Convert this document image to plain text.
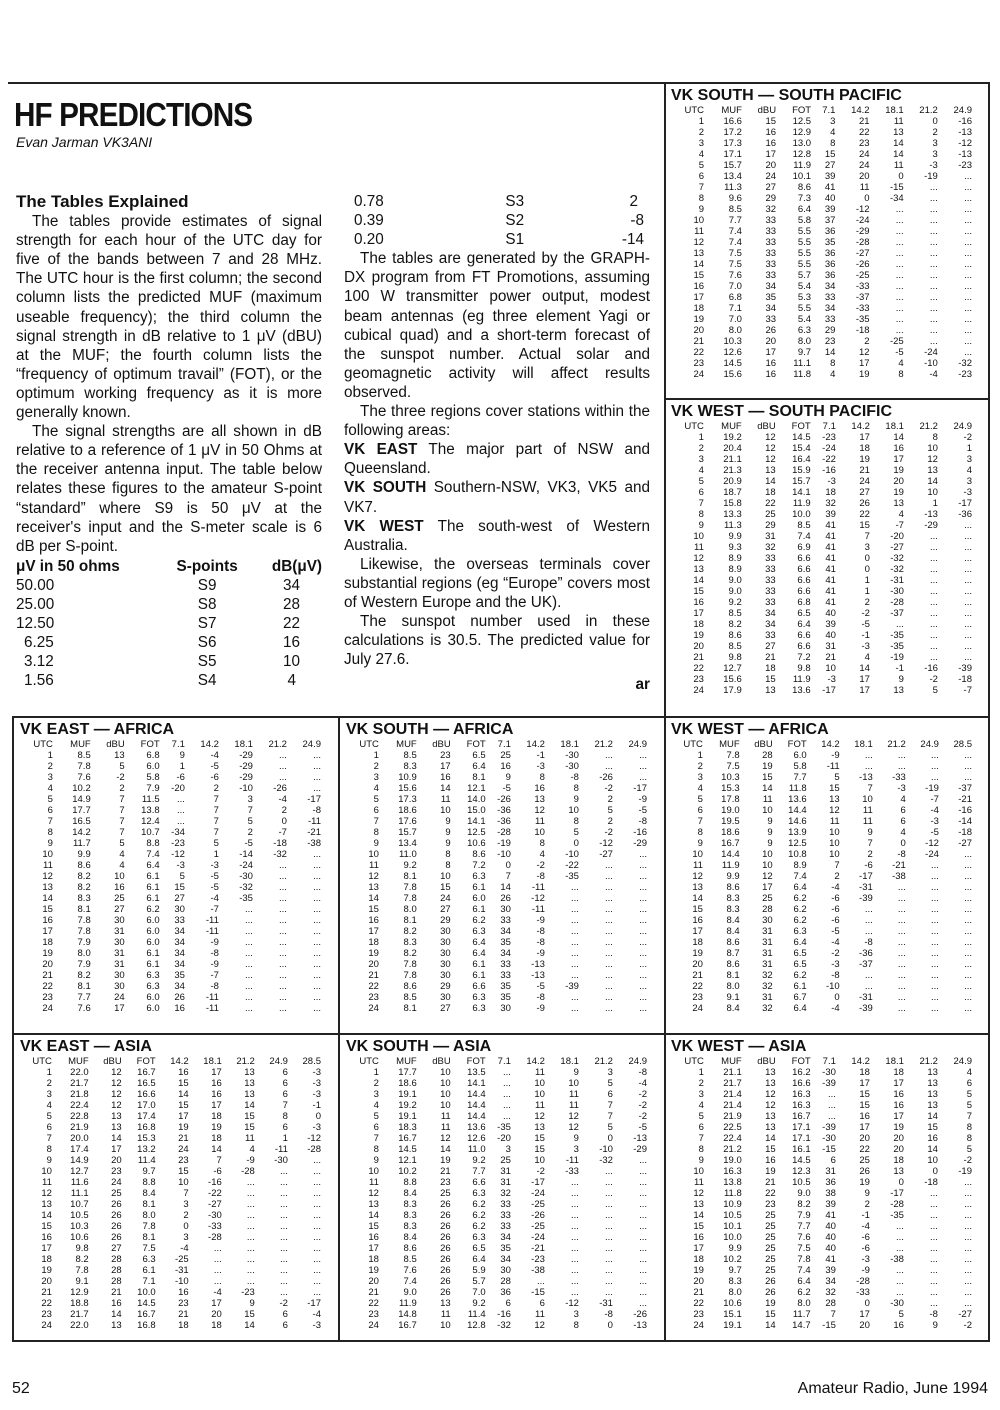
HF PREDICTIONS
Evan Jarman VK3ANI
The Tables Explained

The tables provide estimates of signal strength for each hour of the UTC day for five of the bands between 7 and 28 MHz. The UTC hour is the first column; the second column lists the predicted MUF (maximum useable frequency); the third column the signal strength in dB relative to 1 μV (dBU) at the MUF; the fourth column lists the “frequency of optimum travail” (FOT), or the optimum working frequency as it is more generally known.

The signal strengths are all shown in dB relative to a reference of 1 μV in 50 Ohms at the receiver antenna input. The table below relates these figures to the amateur S-point “standard” where S9 is 50 μV at the receiver's input and the S-meter scale is 6 dB per S-point.

μV in 50 ohms	S-points	dB(μV)
50.00	S9	34
25.00	S8	28
12.50	S7	22
6.25	S6	16
3.12	S5	10
1.56	S4	4
0.78	S3	2
0.39	S2	-8
0.20	S1	-14

The tables are generated by the GRAPH-DX program from FT Promotions, assuming 100 W transmitter power output, modest beam antennas (eg three element Yagi or cubical quad) and a short-term forecast of the sunspot number. Actual solar and geomagnetic activity will affect results observed.

The three regions cover stations within the following areas:

VK EAST The major part of NSW and Queensland.

VK SOUTH Southern-NSW, VK3, VK5 and VK7.

VK WEST The south-west of Western Australia.

Likewise, the overseas terminals cover substantial regions (eg “Europe” covers most of Western Europe and the UK).

The sunspot number used in these calculations is 30.5. The predicted value for July 27.6.

ar
VK SOUTH — SOUTH PACIFIC
UTC	MUF	dBU	FOT	7.1	14.2	18.1	21.2	24.9
1	16.6	15	12.5	3	21	11	0	-16
2	17.2	16	12.9	4	22	13	2	-13
3	17.3	16	13.0	8	23	14	3	-12
4	17.1	17	12.8	15	24	14	3	-13
5	15.7	20	11.9	27	24	11	-3	-23
6	13.4	24	10.1	39	20	0	-19	...
7	11.3	27	8.6	41	11	-15	...	...
8	9.6	29	7.3	40	0	-34	...	...
9	8.5	32	6.4	39	-12	...	...	...
10	7.7	33	5.8	37	-24	...	...	...
11	7.4	33	5.5	36	-29	...	...	...
12	7.4	33	5.5	35	-28	...	...	...
13	7.5	33	5.5	36	-27	...	...	...
14	7.5	33	5.5	36	-26	...	...	...
15	7.6	33	5.7	36	-25	...	...	...
16	7.0	34	5.4	34	-33	...	...	...
17	6.8	35	5.3	33	-37	...	...	...
18	7.1	34	5.5	34	-33	...	...	...
19	7.0	33	5.4	33	-35	...	...	...
20	8.0	26	6.3	29	-18	...	...	...
21	10.3	20	8.0	23	2	-25	...	...
22	12.6	17	9.7	14	12	-5	-24	...
23	14.5	16	11.1	8	17	4	-10	-32
24	15.6	16	11.8	4	19	8	-4	-23
VK WEST — SOUTH PACIFIC
UTC	MUF	dBU	FOT	7.1	14.2	18.1	21.2	24.9
1	19.2	12	14.5	-23	17	14	8	-2
2	20.4	12	15.4	-24	18	16	10	1
3	21.1	12	16.4	-22	19	17	12	3
4	21.3	13	15.9	-16	21	19	13	4
5	20.9	14	15.7	-3	24	20	14	3
6	18.7	18	14.1	18	27	19	10	-3
7	15.8	22	11.9	32	26	13	1	-17
8	13.3	25	10.0	39	22	4	-13	-36
9	11.3	29	8.5	41	15	-7	-29	...
10	9.9	31	7.4	41	7	-20	...	...
11	9.3	32	6.9	41	3	-27	...	...
12	8.9	33	6.6	41	0	-32	...	...
13	8.9	33	6.6	41	0	-32	...	...
14	9.0	33	6.6	41	1	-31	...	...
15	9.0	33	6.6	41	1	-30	...	...
16	9.2	33	6.8	41	2	-28	...	...
17	8.5	34	6.5	40	-2	-37	...	...
18	8.2	34	6.4	39	-5	...	...	...
19	8.6	33	6.6	40	-1	-35	...	...
20	8.5	27	6.6	31	-3	-35	...	...
21	9.8	21	7.2	21	4	-19	...	...
22	12.7	18	9.8	10	14	-1	-16	-39
23	15.6	15	11.9	-3	17	9	-2	-18
24	17.9	13	13.6	-17	17	13	5	-7
VK EAST — AFRICA
UTC	MUF	dBU	FOT	7.1	14.2	18.1	21.2	24.9
1	8.5	13	6.8	9	-4	-29	...	...
2	7.8	5	6.0	1	-5	-29	...	...
3	7.6	-2	5.8	-6	-6	-29	...	...
4	10.2	2	7.9	-20	2	-10	-26	...
5	14.9	7	11.5	...	7	3	-4	-17
6	17.7	7	13.8	...	7	7	2	-8
7	16.5	7	12.4	...	7	5	0	-11
8	14.2	7	10.7	-34	7	2	-7	-21
9	11.7	5	8.8	-23	5	-5	-18	-38
10	9.9	4	7.4	-12	1	-14	-32	...
11	8.6	4	6.4	-3	-3	-24	...	...
12	8.2	10	6.1	5	-5	-30	...	...
13	8.2	16	6.1	15	-5	-32	...	...
14	8.3	25	6.1	27	-4	-35	...	...
15	8.1	27	6.2	30	-7	...	...	...
16	7.8	30	6.0	33	-11	...	...	...
17	7.8	31	6.0	34	-11	...	...	...
18	7.9	30	6.0	34	-9	...	...	...
19	8.0	31	6.1	34	-8	...	...	...
20	7.9	31	6.1	34	-9	...	...	...
21	8.2	30	6.3	35	-7	...	...	...
22	8.1	30	6.3	34	-8	...	...	...
23	7.7	24	6.0	26	-11	...	...	...
24	7.6	17	6.0	16	-11	...	...	...
VK SOUTH — AFRICA
UTC	MUF	dBU	FOT	7.1	14.2	18.1	21.2	24.9
1	8.5	23	6.5	25	-1	-30	...	...
2	8.3	17	6.4	16	-3	-30	...	...
3	10.9	16	8.1	9	8	-8	-26	...
4	15.6	14	12.1	-5	16	8	-2	-17
5	17.3	11	14.0	-26	13	9	2	-9
6	18.6	10	15.0	-36	12	10	5	-5
7	17.6	9	14.1	-36	11	8	2	-8
8	15.7	9	12.5	-28	10	5	-2	-16
9	13.4	9	10.6	-19	8	0	-12	-29
10	11.0	8	8.6	-10	4	-10	-27	...
11	9.2	8	7.2	0	-2	-22	...	...
12	8.1	10	6.3	7	-8	-35	...	...
13	7.8	15	6.1	14	-11	...	...	...
14	7.8	24	6.0	26	-12	...	...	...
15	8.0	27	6.1	30	-11	...	...	...
16	8.1	29	6.2	33	-9	...	...	...
17	8.2	30	6.3	34	-8	...	...	...
18	8.3	30	6.4	35	-8	...	...	...
19	8.2	30	6.4	34	-9	...	...	...
20	7.8	30	6.1	33	-13	...	...	...
21	7.8	30	6.1	33	-13	...	...	...
22	8.6	29	6.6	35	-5	-39	...	...
23	8.5	30	6.3	35	-8	...	...	...
24	8.1	27	6.3	30	-9	...	...	...
VK WEST — AFRICA
UTC	MUF	dBU	FOT	14.2	18.1	21.2	24.9	28.5
1	7.8	28	6.0	-9	...	...	...	...
2	7.5	19	5.8	-11	...	...	...	...
3	10.3	15	7.7	5	-13	-33	...	...
4	15.3	14	11.8	15	7	-3	-19	-37
5	17.8	11	13.6	13	10	4	-7	-21
6	19.0	10	14.4	12	11	6	-4	-16
7	19.5	9	14.6	11	11	6	-3	-14
8	18.6	9	13.9	10	9	4	-5	-18
9	16.7	9	12.5	10	7	0	-12	-27
10	14.4	10	10.8	10	2	-8	-24	...
11	11.9	10	8.9	7	-6	-21	...	...
12	9.9	12	7.4	2	-17	-38	...	...
13	8.6	17	6.4	-4	-31	...	...	...
14	8.3	25	6.2	-6	-39	...	...	...
15	8.3	28	6.2	-6	...	...	...	...
16	8.4	30	6.2	-6	...	...	...	...
17	8.4	31	6.3	-5	...	...	...	...
18	8.6	31	6.4	-4	-8	...	...	...
19	8.7	31	6.5	-2	-36	...	...	...
20	8.6	31	6.5	-3	-37	...	...	...
21	8.1	32	6.2	-8	...	...	...	...
22	8.0	32	6.1	-10	...	...	...	...
23	9.1	31	6.7	0	-31	...	...	...
24	8.4	32	6.4	-4	-39	...	...	...
VK EAST — ASIA
UTC	MUF	dBU	FOT	14.2	18.1	21.2	24.9	28.5
1	22.0	12	16.7	16	17	13	6	-3
2	21.7	12	16.5	15	16	13	6	-3
3	21.8	12	16.6	14	16	13	6	-3
4	22.4	12	17.0	15	17	14	7	-1
5	22.8	13	17.4	17	18	15	8	0
6	21.9	13	16.8	19	19	15	6	-3
7	20.0	14	15.3	21	18	11	1	-12
8	17.4	17	13.2	24	14	4	-11	-28
9	14.9	20	11.4	23	7	-9	-30	...
10	12.7	23	9.7	15	-6	-28	...	...
11	11.6	24	8.8	10	-16	...	...	...
12	11.1	25	8.4	7	-22	...	...	...
13	10.7	26	8.1	3	-27	...	...	...
14	10.5	26	8.0	2	-30	...	...	...
15	10.3	26	7.8	0	-33	...	...	...
16	10.6	26	8.1	3	-28	...	...	...
17	9.8	27	7.5	-4	...	...	...	...
18	8.2	28	6.3	-25	...	...	...	...
19	7.8	28	6.1	-31	...	...	...	...
20	9.1	28	7.1	-10	...	...	...	...
21	12.9	21	10.0	16	-4	-23	...	...
22	18.8	16	14.5	23	17	9	-2	-17
23	21.7	14	16.7	21	20	15	6	-4
24	22.0	13	16.8	18	18	14	6	-3
VK SOUTH — ASIA
UTC	MUF	dBU	FOT	7.1	14.2	18.1	21.2	24.9
1	17.7	10	13.5	...	11	9	3	-8
2	18.6	10	14.1	...	10	10	5	-4
3	19.1	10	14.4	...	10	11	6	-2
4	19.2	10	14.4	...	11	11	7	-2
5	19.1	11	14.4	...	12	12	7	-2
6	18.3	11	13.6	-35	13	12	5	-5
7	16.7	12	12.6	-20	15	9	0	-13
8	14.5	14	11.0	3	15	3	-10	-29
9	12.1	19	9.2	25	10	-11	-32	...
10	10.2	21	7.7	31	-2	-33	...	...
11	8.8	23	6.6	31	-17	...	...	...
12	8.4	25	6.3	32	-24	...	...	...
13	8.3	26	6.2	33	-25	...	...	...
14	8.3	26	6.2	33	-26	...	...	...
15	8.3	26	6.2	33	-25	...	...	...
16	8.4	26	6.3	34	-24	...	...	...
17	8.6	26	6.5	35	-21	...	...	...
18	8.5	26	6.4	34	-23	...	...	...
19	7.6	26	5.9	30	-38	...	...	...
20	7.4	26	5.7	28	...	...	...	...
21	9.0	26	7.0	36	-15	...	...	...
22	11.9	13	9.2	6	6	-12	-31	...
23	14.8	11	11.4	-16	11	3	-8	-26
24	16.7	10	12.8	-32	12	8	0	-13
VK WEST — ASIA
UTC	MUF	dBU	FOT	7.1	14.2	18.1	21.2	24.9
1	21.1	13	16.2	-30	18	18	13	4
2	21.7	13	16.6	-39	17	17	13	6
3	21.4	12	16.3	...	15	16	13	5
4	21.4	12	16.3	...	15	16	13	5
5	21.9	13	16.7	...	16	17	14	7
6	22.5	13	17.1	-39	17	19	15	8
7	22.4	14	17.1	-30	20	20	16	8
8	21.2	15	16.1	-15	22	20	14	5
9	19.0	16	14.5	6	25	18	10	-2
10	16.3	19	12.3	31	26	13	0	-19
11	13.8	21	10.5	36	19	0	-18	...
12	11.8	22	9.0	38	9	-17	...	...
13	10.9	23	8.2	39	2	-28	...	...
14	10.5	25	7.9	41	-1	-35	...	...
15	10.1	25	7.7	40	-4	...	...	...
16	10.0	25	7.6	40	-6	...	...	...
17	9.9	25	7.5	40	-6	...	...	...
18	10.2	25	7.8	41	-3	-38	...	...
19	9.7	25	7.4	39	-9	...	...	...
20	8.3	26	6.4	34	-28	...	...	...
21	8.0	26	6.2	32	-33	...	...	...
22	10.6	19	8.0	28	0	-30	...	...
23	15.1	15	11.7	7	17	5	-8	-27
24	19.1	14	14.7	-15	20	16	9	-2
52	Amateur Radio, June 1994
